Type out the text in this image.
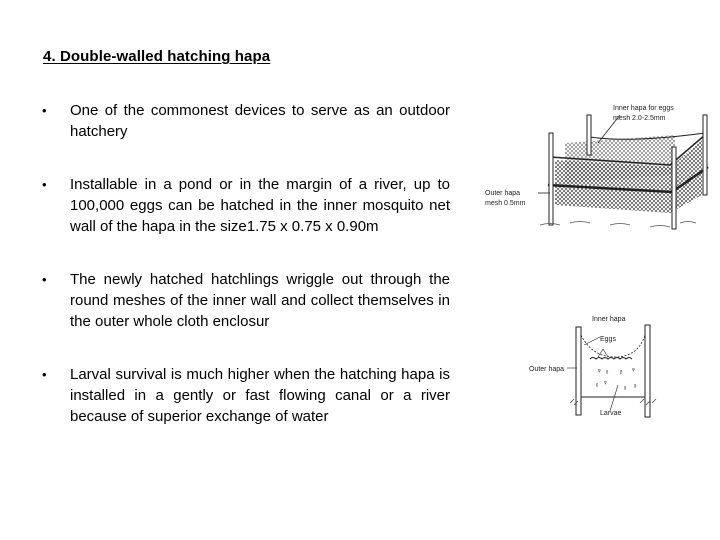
4. Double-walled hatching hapa
•	One of the commonest devices to serve as an outdoor hatchery
•	Installable in a pond or in the margin of a river, up to 100,000 eggs can be hatched in the inner mosquito net wall of the hapa in the size1.75 x 0.75 x 0.90m
•	The newly hatched hatchlings wriggle out through the round meshes of the inner wall and collect themselves in the outer whole cloth enclosur
•	Larval survival is much higher when the hatching hapa is installed in a gently or fast flowing canal or a river because of superior exchange of water
Inner hapa for eggs
mesh 2.0-2.5mm
Outer hapa
mesh 0.5mm
ᵩ
ᵟ ᵦ ᵩ
ᵨ ᵩ
ᵟ ᵟ
Inner hapa
Eggs
Outer hapa
Larvae
